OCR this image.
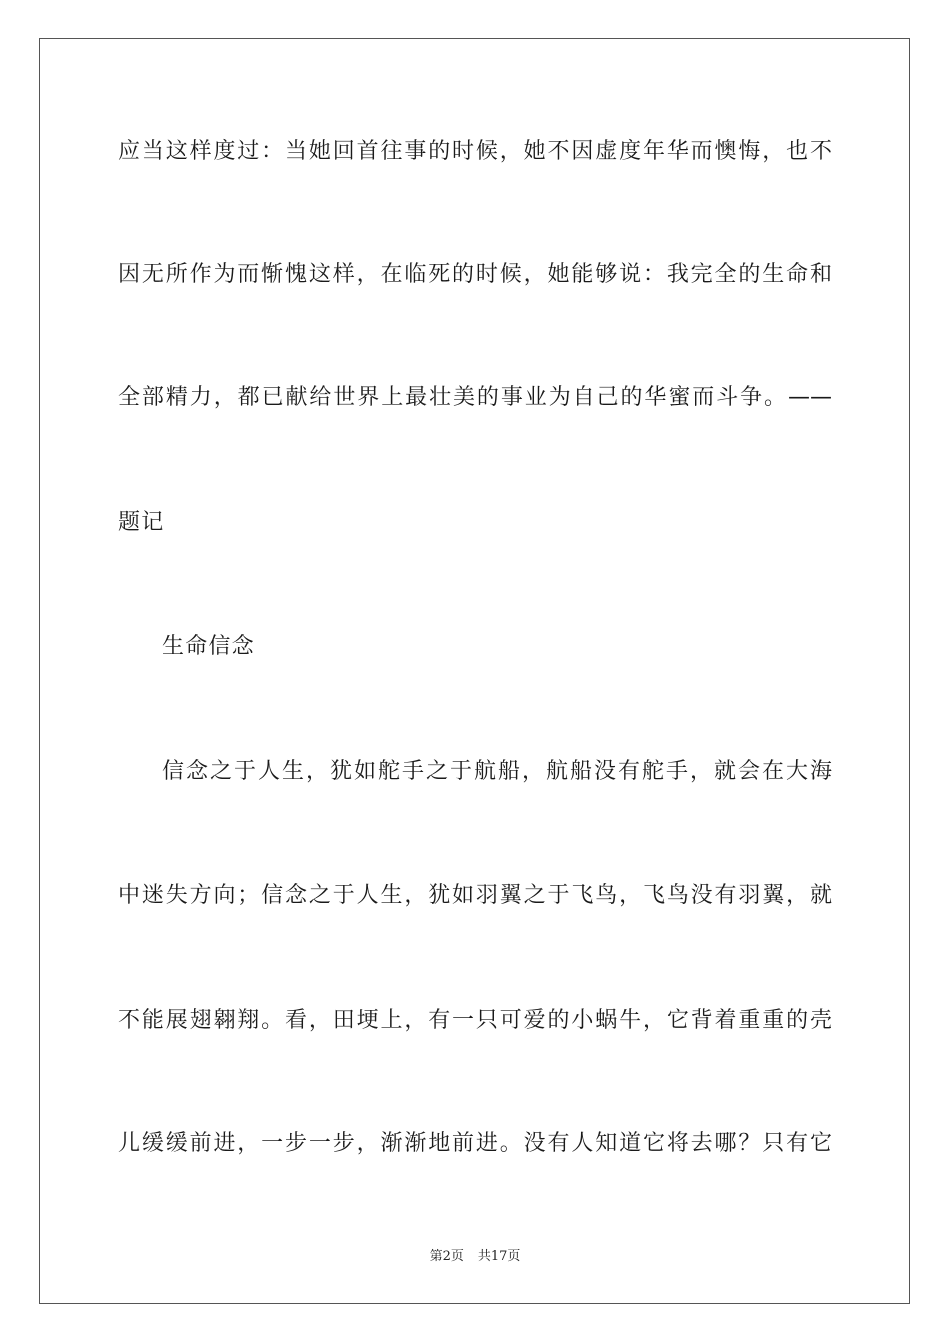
应当这样度过：当她回首往事的时候，她不因虚度年华而懊悔，也不
因无所作为而惭愧这样，在临死的时候，她能够说：我完全的生命和
全部精力，都已献给世界上最壮美的事业为自己的华蜜而斗争。——
题记
生命信念
信念之于人生，犹如舵手之于航船，航船没有舵手，就会在大海
中迷失方向；信念之于人生，犹如羽翼之于飞鸟，飞鸟没有羽翼，就
不能展翅翱翔。看，田埂上，有一只可爱的小蜗牛，它背着重重的壳
儿缓缓前进，一步一步，渐渐地前进。没有人知道它将去哪？只有它
第2页 共17页
